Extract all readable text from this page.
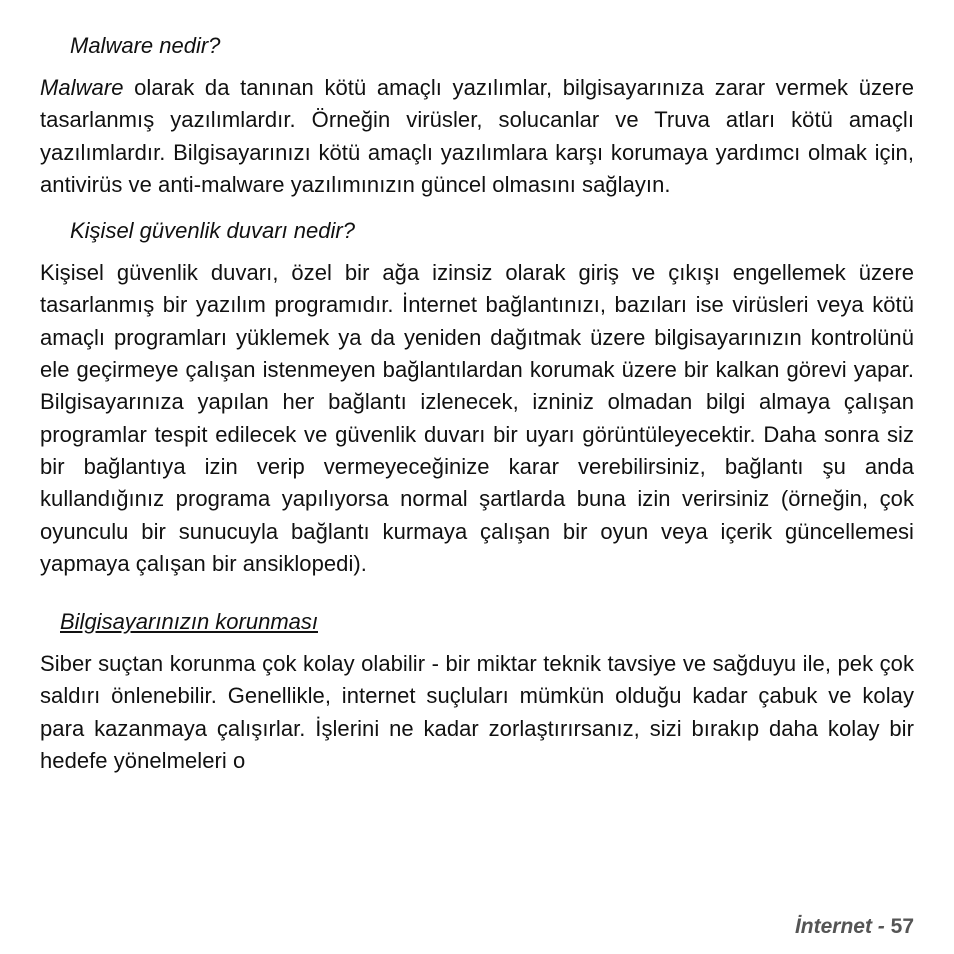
Malware nedir?

Malware olarak da tanınan kötü amaçlı yazılımlar, bilgisayarınıza zarar vermek üzere tasarlanmış yazılımlardır. Örneğin virüsler, solucanlar ve Truva atları kötü amaçlı yazılımlardır. Bilgisayarınızı kötü amaçlı yazılımlara karşı korumaya yardımcı olmak için, antivirüs ve anti-malware yazılımınızın güncel olmasını sağlayın.

Kişisel güvenlik duvarı nedir?

Kişisel güvenlik duvarı, özel bir ağa izinsiz olarak giriş ve çıkışı engellemek üzere tasarlanmış bir yazılım programıdır. İnternet bağlantınızı, bazıları ise virüsleri veya kötü amaçlı programları yüklemek ya da yeniden dağıtmak üzere bilgisayarınızın kontrolünü ele geçirmeye çalışan istenmeyen bağlantılardan korumak üzere bir kalkan görevi yapar. Bilgisayarınıza yapılan her bağlantı izlenecek, izniniz olmadan bilgi almaya çalışan programlar tespit edilecek ve güvenlik duvarı bir uyarı görüntüleyecektir. Daha sonra siz bir bağlantıya izin verip vermeyeceğinize karar verebilirsiniz, bağlantı şu anda kullandığınız programa yapılıyorsa normal şartlarda buna izin verirsiniz (örneğin, çok oyunculu bir sunucuyla bağlantı kurmaya çalışan bir oyun veya içerik güncellemesi yapmaya çalışan bir ansiklopedi).

Bilgisayarınızın korunması

Siber suçtan korunma çok kolay olabilir - bir miktar teknik tavsiye ve sağduyu ile, pek çok saldırı önlenebilir. Genellikle, internet suçluları mümkün olduğu kadar çabuk ve kolay para kazanmaya çalışırlar. İşlerini ne kadar zorlaştırırsanız, sizi bırakıp daha kolay bir hedefe yönelmeleri o

İnternet - 57
